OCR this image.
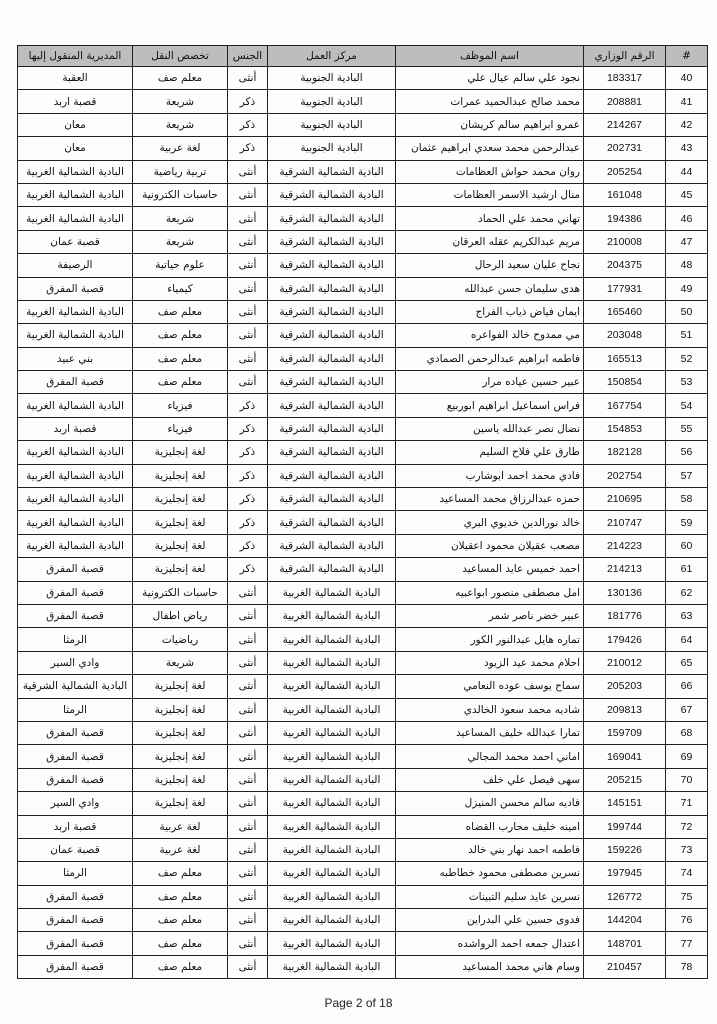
#	الرقم الوزاري	اسم الموظف	مركز العمل	الجنس	تخصص النقل	المديرية المنقول إليها
40	183317	نجود علي سالم عيال علي	البادية الجنوبية	أنثى	معلم صف	العقبة
41	208881	محمد صالح عبدالحميد عمرات	البادية الجنوبية	ذكر	شريعة	قصبة اربد
42	214267	عمرو ابراهيم سالم كريشان	البادية الجنوبية	ذكر	شريعة	معان
43	202731	عبدالرحمن محمد سعدي ابراهيم عثمان	البادية الجنوبية	ذكر	لغة عربية	معان
44	205254	روان محمد حواش العظامات	البادية الشمالية الشرقية	أنثى	تربية رياضية	البادية الشمالية الغربية
45	161048	منال ارشيد الاسمر العظامات	البادية الشمالية الشرقية	أنثى	حاسبات الكترونية	البادية الشمالية الغربية
46	194386	تهاني محمد علي الحماد	البادية الشمالية الشرقية	أنثى	شريعة	البادية الشمالية الغربية
47	210008	مريم عبدالكريم عقله العرقان	البادية الشمالية الشرقية	أنثى	شريعة	قصبة عمان
48	204375	نجاح عليان سعيد الرحال	البادية الشمالية الشرقية	أنثى	علوم حياتية	الرصيفة
49	177931	هدى سليمان حسن عبدالله	البادية الشمالية الشرقية	أنثى	كيمياء	قصبة المفرق
50	165460	ايمان فياض ذياب الفراج	البادية الشمالية الشرقية	أنثى	معلم صف	البادية الشمالية الغربية
51	203048	مي ممدوح خالد الفواعره	البادية الشمالية الشرقية	أنثى	معلم صف	البادية الشمالية الغربية
52	165513	فاطمه ابراهيم عبدالرحمن الصمادي	البادية الشمالية الشرقية	أنثى	معلم صف	بني عبيد
53	150854	عبير حسين عياده مرار	البادية الشمالية الشرقية	أنثى	معلم صف	قصبة المفرق
54	167754	فراس اسماعيل ابراهيم ابوربيع	البادية الشمالية الشرقية	ذكر	فيزياء	البادية الشمالية الغربية
55	154853	نضال نصر عبدالله ياسين	البادية الشمالية الشرقية	ذكر	فيزياء	قصبة اربد
56	182128	طارق علي فلاح السليم	البادية الشمالية الشرقية	ذكر	لغة إنجليزية	البادية الشمالية الغربية
57	202754	فادي محمد احمد ابوشارب	البادية الشمالية الشرقية	ذكر	لغة إنجليزية	البادية الشمالية الغربية
58	210695	حمزه عبدالرزاق محمد المساعيد	البادية الشمالية الشرقية	ذكر	لغة إنجليزية	البادية الشمالية الغربية
59	210747	خالد نورالدين خديوي البري	البادية الشمالية الشرقية	ذكر	لغة إنجليزية	البادية الشمالية الغربية
60	214223	مصعب عقيلان محمود اعقيلان	البادية الشمالية الشرقية	ذكر	لغة إنجليزية	البادية الشمالية الغربية
61	214213	احمد خميس عايد المساعيد	البادية الشمالية الشرقية	ذكر	لغة إنجليزية	قصبة المفرق
62	130136	امل مصطفى منصور ابواعبيه	البادية الشمالية الغربية	أنثى	حاسبات الكترونية	قصبة المفرق
63	181776	عبير خضر ناصر شمر	البادية الشمالية الغربية	أنثى	رياض اطفال	قصبة المفرق
64	179426	تماره هايل عبدالنور الكور	البادية الشمالية الغربية	أنثى	رياضيات	الرمثا
65	210012	احلام محمد عيد الزيود	البادية الشمالية الغربية	أنثى	شريعة	وادي السير
66	205203	سماح يوسف عوده النعامي	البادية الشمالية الغربية	أنثى	لغة إنجليزية	البادية الشمالية الشرقية
67	209813	شاديه محمد سعود الخالدي	البادية الشمالية الغربية	أنثى	لغة إنجليزية	الرمثا
68	159709	تمارا عبدالله خليف المساعيد	البادية الشمالية الغربية	أنثى	لغة إنجليزية	قصبة المفرق
69	169041	اماني احمد محمد المجالي	البادية الشمالية الغربية	أنثى	لغة إنجليزية	قصبة المفرق
70	205215	سهى فيصل علي خلف	البادية الشمالية الغربية	أنثى	لغة إنجليزية	قصبة المفرق
71	145151	فاديه سالم محسن المنيزل	البادية الشمالية الغربية	أنثى	لغة إنجليزية	وادي السير
72	199744	امينه خليف محارب القضاه	البادية الشمالية الغربية	أنثى	لغة عربية	قصبة اربد
73	159226	فاطمه احمد نهار بني خالد	البادية الشمالية الغربية	أنثى	لغة عربية	قصبة عمان
74	197945	نسرين مصطفى محمود خطاطبه	البادية الشمالية الغربية	أنثى	معلم صف	الرمثا
75	126772	نسرين عايد سليم التبينات	البادية الشمالية الغربية	أنثى	معلم صف	قصبة المفرق
76	144204	فدوى حسين علي البدراين	البادية الشمالية الغربية	أنثى	معلم صف	قصبة المفرق
77	148701	اعتدال جمعه احمد الرواشده	البادية الشمالية الغربية	أنثى	معلم صف	قصبة المفرق
78	210457	وسام هاني محمد المساعيد	البادية الشمالية الغربية	أنثى	معلم صف	قصبة المفرق
Page 2 of 18
